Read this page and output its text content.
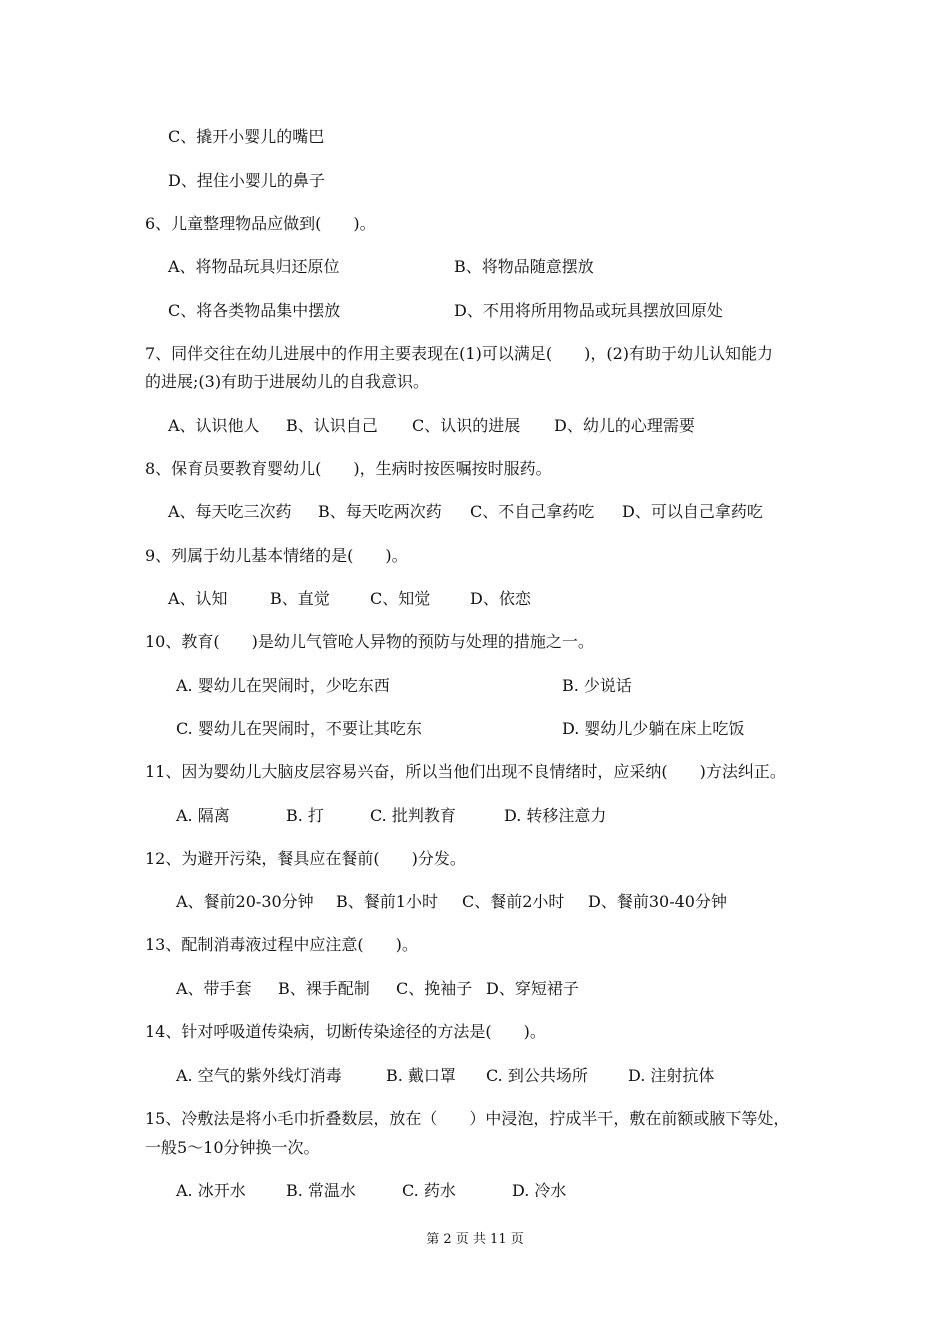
C、撬开小婴儿的嘴巴
D、捏住小婴儿的鼻子
6、儿童整理物品应做到(　　)。
A、将物品玩具归还原位	B、将物品随意摆放
C、将各类物品集中摆放	D、不用将所用物品或玩具摆放回原处
7、同伴交往在幼儿进展中的作用主要表现在(1)可以满足(　　)，(2)有助于幼儿认知能力
的进展;(3)有助于进展幼儿的自我意识。
A、认识他人 B、认识自己 C、认识的进展 D、幼儿的心理需要
8、保育员要教育婴幼儿(　　)，生病时按医嘱按时服药。
A、每天吃三次药 B、每天吃两次药 C、不自己拿药吃 D、可以自己拿药吃
9、列属于幼儿基本情绪的是(　　)。
A、认知	B、直觉	C、知觉 D、依恋
10、教育(　　)是幼儿气管呛人异物的预防与处理的措施之一。
A. 婴幼儿在哭闹时，少吃东西	B. 少说话
C. 婴幼儿在哭闹时，不要让其吃东	D. 婴幼儿少躺在床上吃饭
11、因为婴幼儿大脑皮层容易兴奋，所以当他们出现不良情绪时，应采纳(　　)方法纠正。
A. 隔离	B. 打	C. 批判教育	D. 转移注意力
12、为避开污染，餐具应在餐前(　　)分发。
A、餐前20-30分钟 B、餐前1小时 C、餐前2小时 D、餐前30-40分钟
13、配制消毒液过程中应注意(　　)。
A、带手套 B、裸手配制 C、挽袖子 D、穿短裙子
14、针对呼吸道传染病，切断传染途径的方法是(　　)。
A. 空气的紫外线灯消毒	B. 戴口罩 C. 到公共场所	D. 注射抗体
15、冷敷法是将小毛巾折叠数层，放在（　　）中浸泡，拧成半干，敷在前额或腋下等处，
一般5～10分钟换一次。
A. 冰开水	B. 常温水	C. 药水	D. 冷水
第 2 页 共 11 页
